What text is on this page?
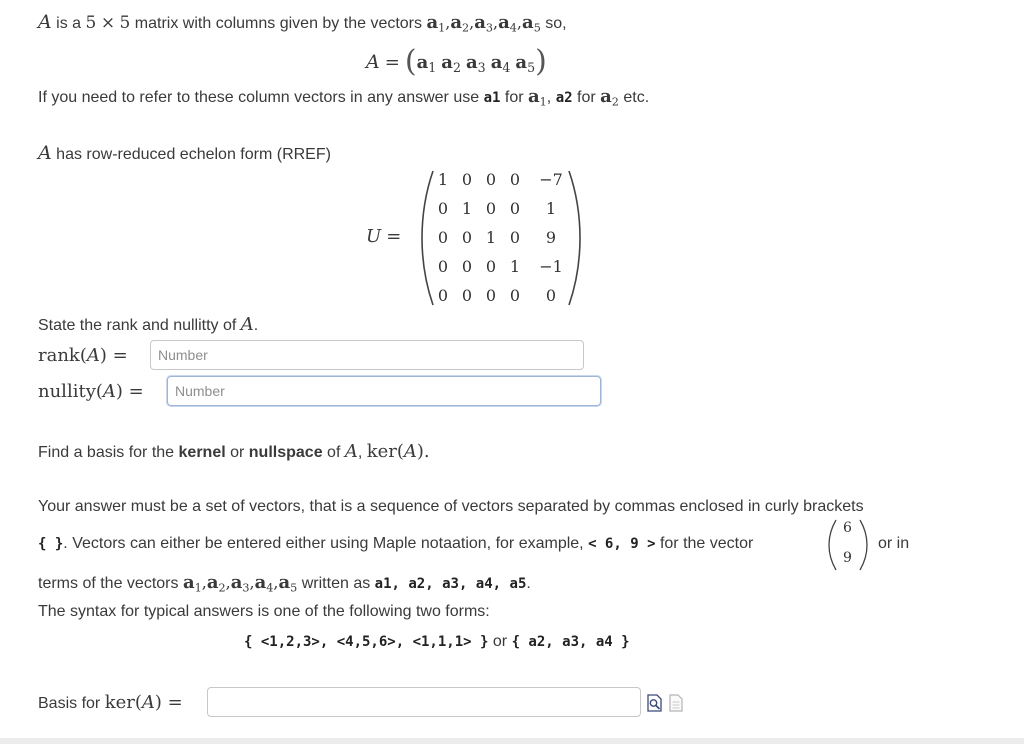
A is a 5 × 5 matrix with columns given by the vectors $a_1,a_2,a_3,a_4,a_5$ so,
$A = (a_1$ $a_2$ $a_3$ $a_4$ $a_5$)
If you need to refer to these column vectors in any answer use a1 for $a_1$, a2 for $a_2$ etc.
A has row-reduced echelon form (RREF)
U =
1 0 0 0	−7
0 1 0 0	1
0 0 1 0	9
0 0 0 1	−1
0 0 0 0	0
State the rank and nullitty of A.
rank(A) =
Number
nullity(A) =
Number
Find a basis for the kernel or nullspace of A, ker(A).
Your answer must be a set of vectors, that is a sequence of vectors separated by commas enclosed in curly brackets
{ }. Vectors can either be entered either using Maple notaation, for example, < 6, 9 > for the vector
6
9
or in
terms of the vectors $a_1,a_2,a_3,a_4,a_5$ written as a1, a2, a3, a4, a5.
The syntax for typical answers is one of the following two forms:
{ <1,2,3>, <4,5,6>, <1,1,1> } or { a2, a3, a4 }
Basis for ker(A) =
